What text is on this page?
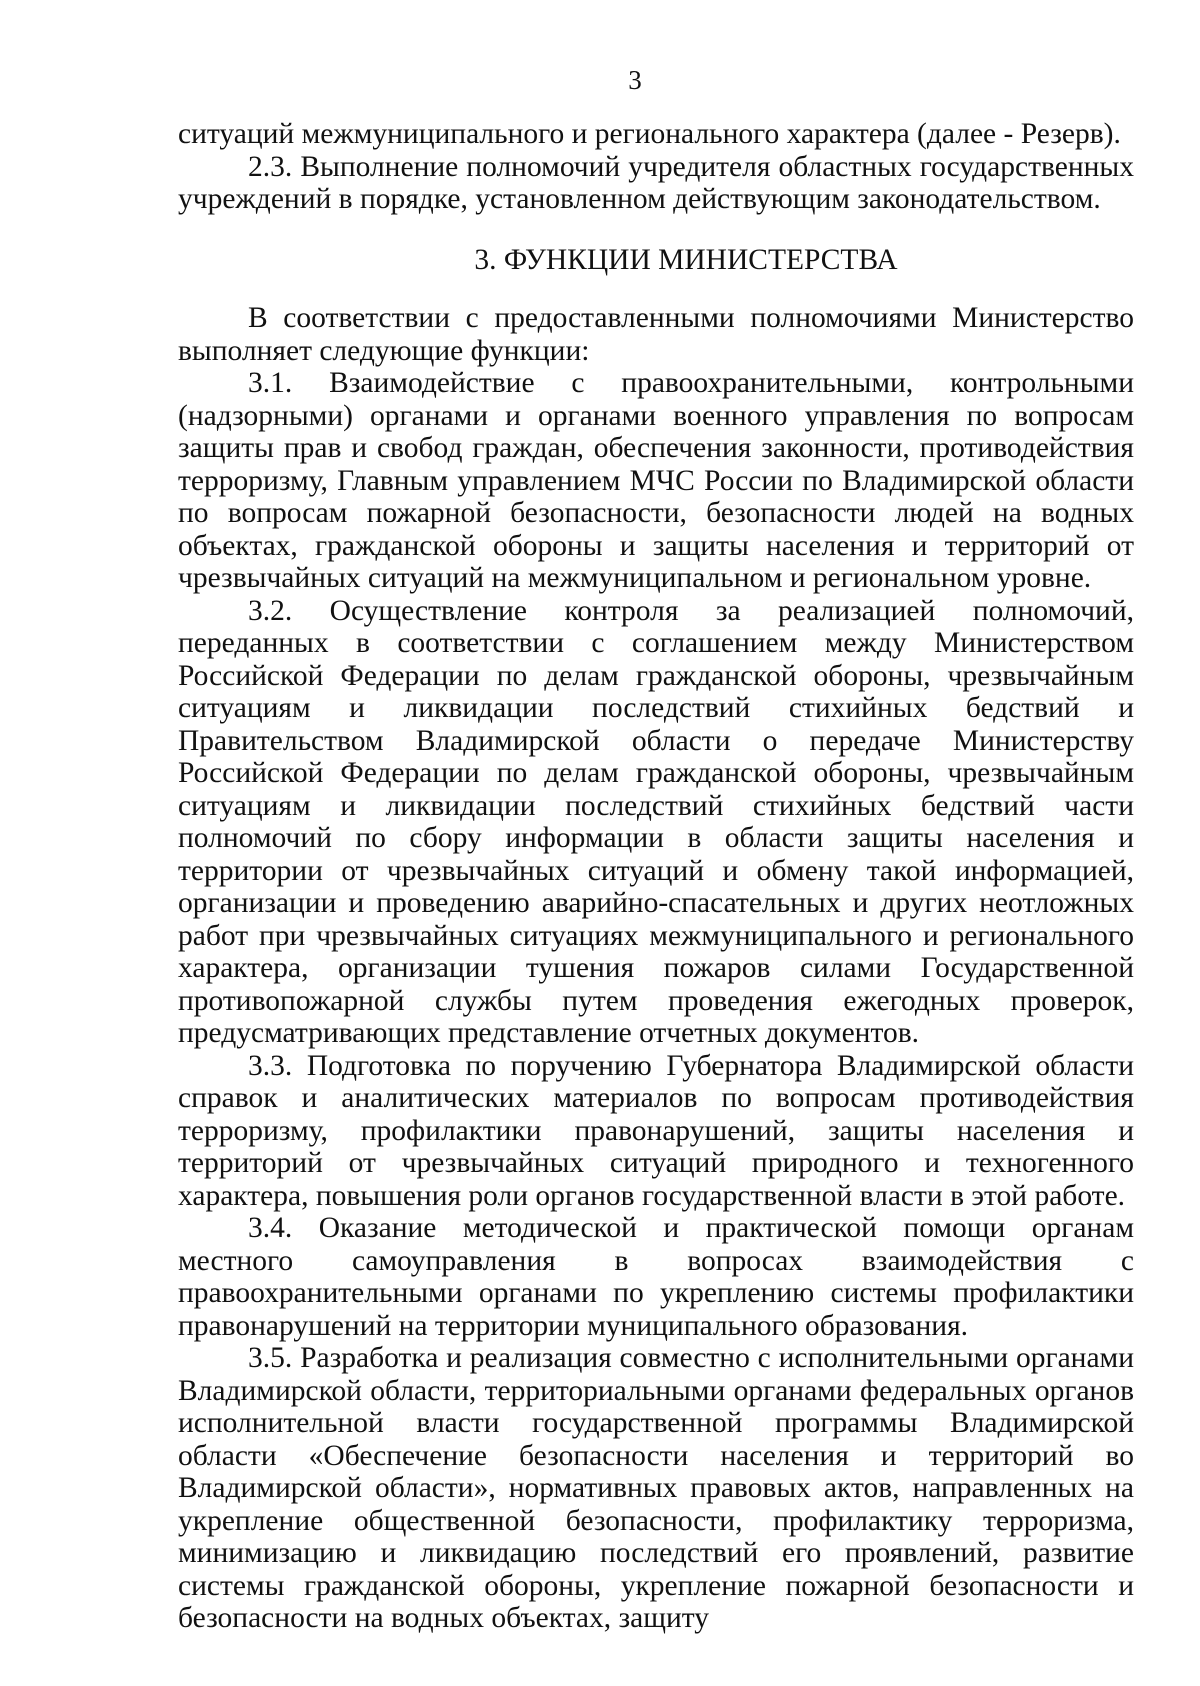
3

ситуаций межмуниципального и регионального характера (далее - Резерв).

2.3. Выполнение полномочий учредителя областных государственных учреждений в порядке, установленном действующим законодательством.

3. ФУНКЦИИ МИНИСТЕРСТВА

В соответствии с предоставленными полномочиями Министерство выполняет следующие функции:

3.1. Взаимодействие с правоохранительными, контрольными (надзорными) органами и органами военного управления по вопросам защиты прав и свобод граждан, обеспечения законности, противодействия терроризму, Главным управлением МЧС России по Владимирской области по вопросам пожарной безопасности, безопасности людей на водных объектах, гражданской обороны и защиты населения и территорий от чрезвычайных ситуаций на межмуниципальном и региональном уровне.

3.2. Осуществление контроля за реализацией полномочий, переданных в соответствии с соглашением между Министерством Российской Федерации по делам гражданской обороны, чрезвычайным ситуациям и ликвидации последствий стихийных бедствий и Правительством Владимирской области о передаче Министерству Российской Федерации по делам гражданской обороны, чрезвычайным ситуациям и ликвидации последствий стихийных бедствий части полномочий по сбору информации в области защиты населения и территории от чрезвычайных ситуаций и обмену такой информацией, организации и проведению аварийно-спасательных и других неотложных работ при чрезвычайных ситуациях межмуниципального и регионального характера, организации тушения пожаров силами Государственной противопожарной службы путем проведения ежегодных проверок, предусматривающих представление отчетных документов.

3.3. Подготовка по поручению Губернатора Владимирской области справок и аналитических материалов по вопросам противодействия терроризму, профилактики правонарушений, защиты населения и территорий от чрезвычайных ситуаций природного и техногенного характера, повышения роли органов государственной власти в этой работе.

3.4. Оказание методической и практической помощи органам местного самоуправления в вопросах взаимодействия с правоохранительными органами по укреплению системы профилактики правонарушений на территории муниципального образования.

3.5. Разработка и реализация совместно с исполнительными органами Владимирской области, территориальными органами федеральных органов исполнительной власти государственной программы Владимирской области «Обеспечение безопасности населения и территорий во Владимирской области», нормативных правовых актов, направленных на укрепление общественной безопасности, профилактику терроризма, минимизацию и ликвидацию последствий его проявлений, развитие системы гражданской обороны, укрепление пожарной безопасности и безопасности на водных объектах, защиту
